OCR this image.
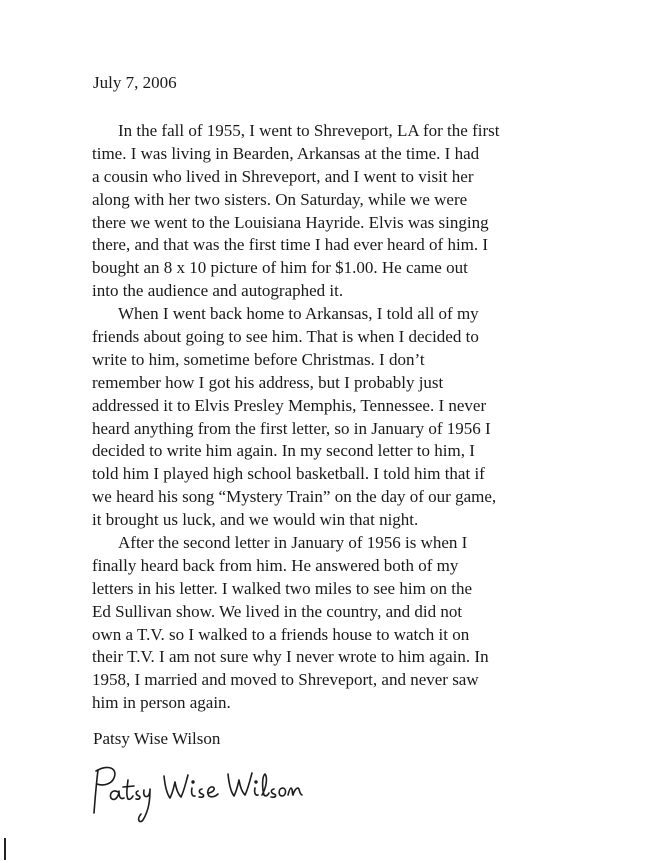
July 7, 2006
In the fall of 1955, I went to Shreveport, LA for the first
time. I was living in Bearden, Arkansas at the time. I had
a cousin who lived in Shreveport, and I went to visit her
along with her two sisters. On Saturday, while we were
there we went to the Louisiana Hayride. Elvis was singing
there, and that was the first time I had ever heard of him. I
bought an 8 x 10 picture of him for $1.00. He came out
into the audience and autographed it.
When I went back home to Arkansas, I told all of my
friends about going to see him. That is when I decided to
write to him, sometime before Christmas. I don’t
remember how I got his address, but I probably just
addressed it to Elvis Presley Memphis, Tennessee. I never
heard anything from the first letter, so in January of 1956 I
decided to write him again. In my second letter to him, I
told him I played high school basketball. I told him that if
we heard his song “Mystery Train” on the day of our game,
it brought us luck, and we would win that night.
After the second letter in January of 1956 is when I
finally heard back from him. He answered both of my
letters in his letter. I walked two miles to see him on the
Ed Sullivan show. We lived in the country, and did not
own a T.V. so I walked to a friends house to watch it on
their T.V. I am not sure why I never wrote to him again. In
1958, I married and moved to Shreveport, and never saw
him in person again.
Patsy Wise Wilson
